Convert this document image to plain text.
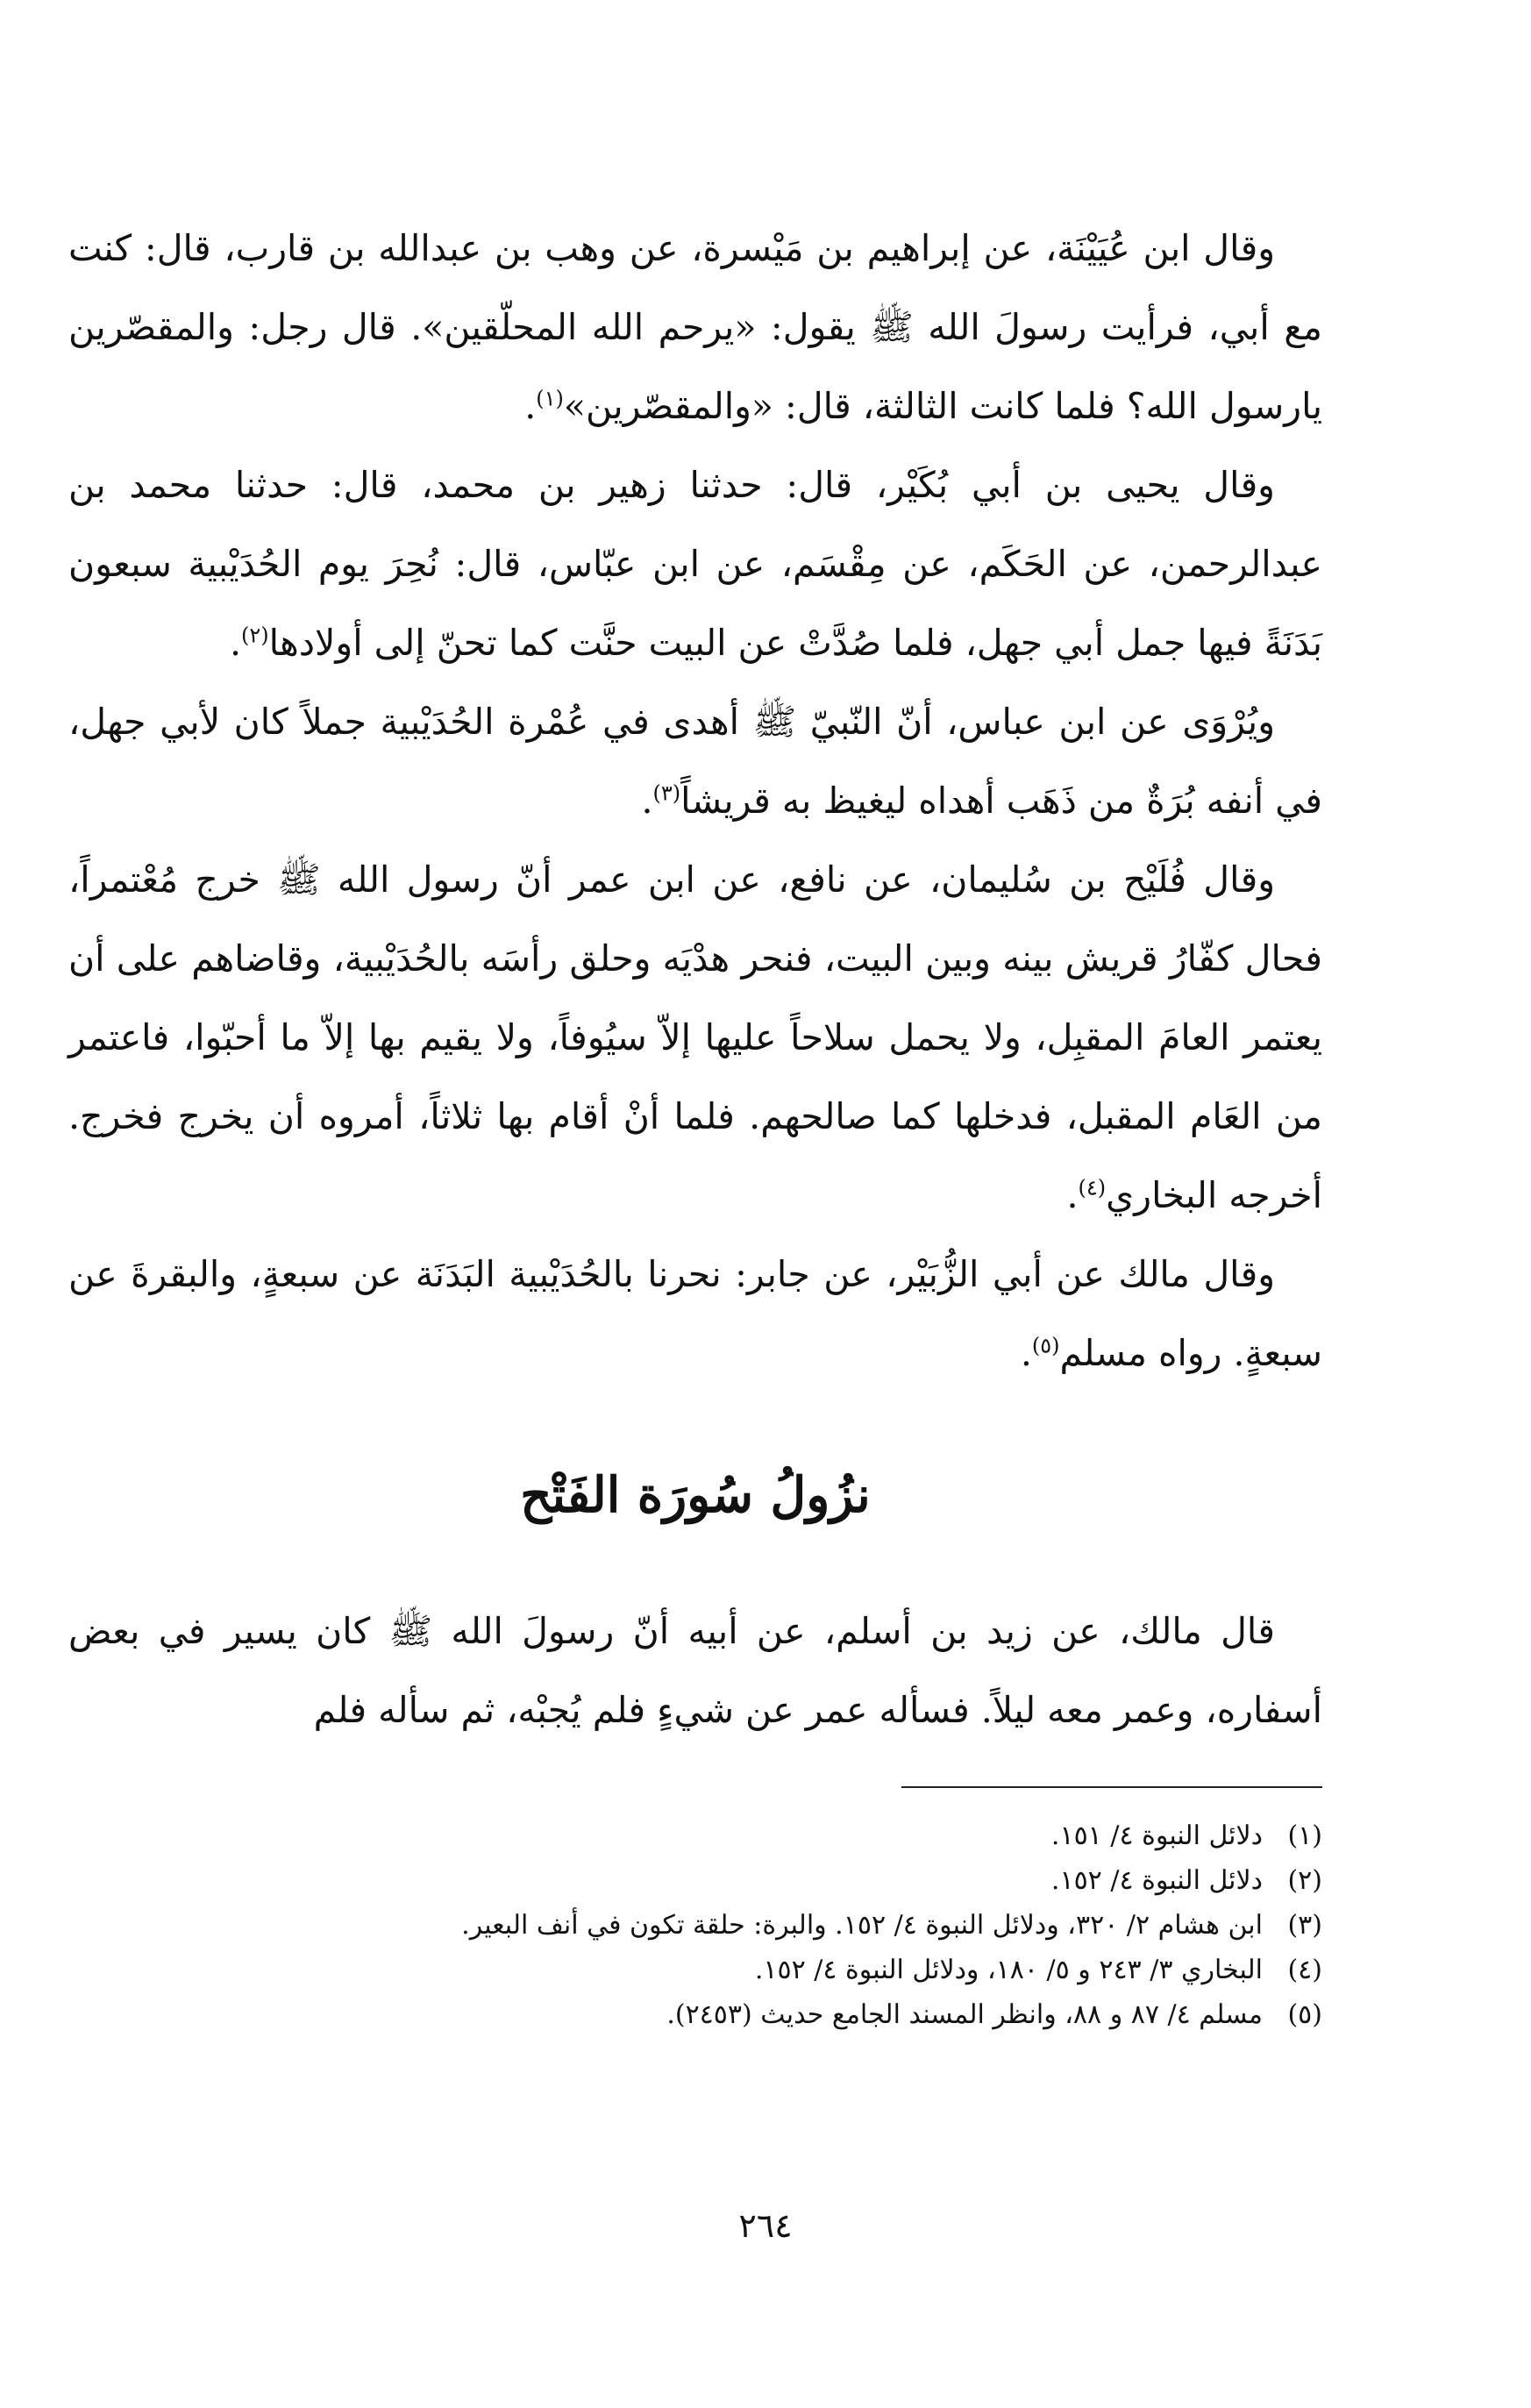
وقال ابن عُيَيْنَة، عن إبراهيم بن مَيْسرة، عن وهب بن عبدالله بن قارب، قال: كنت مع أبي، فرأيت رسولَ الله ﷺ يقول: «يرحم الله المحلّقين». قال رجل: والمقصّرين يارسول الله؟ فلما كانت الثالثة، قال: «والمقصّرين»$^{(١)}$.

وقال يحيى بن أبي بُكَيْر، قال: حدثنا زهير بن محمد، قال: حدثنا محمد بن عبدالرحمن، عن الحَكَم، عن مِقْسَم، عن ابن عبّاس، قال: نُحِرَ يوم الحُدَيْبية سبعون بَدَنَةً فيها جمل أبي جهل، فلما صُدَّتْ عن البيت حنَّت كما تحنّ إلى أولادها$^{(٢)}$.

ويُرْوَى عن ابن عباس، أنّ النّبيّ ﷺ أهدى في عُمْرة الحُدَيْبية جملاً كان لأبي جهل، في أنفه بُرَةٌ من ذَهَب أهداه ليغيظ به قريشاً$^{(٣)}$.

وقال فُلَيْح بن سُليمان، عن نافع، عن ابن عمر أنّ رسول الله ﷺ خرج مُعْتمراً، فحال كفّارُ قريش بينه وبين البيت، فنحر هدْيَه وحلق رأسَه بالحُدَيْبية، وقاضاهم على أن يعتمر العامَ المقبِل، ولا يحمل سلاحاً عليها إلاّ سيُوفاً، ولا يقيم بها إلاّ ما أحبّوا، فاعتمر من العَام المقبل، فدخلها كما صالحهم. فلما أنْ أقام بها ثلاثاً، أمروه أن يخرج فخرج. أخرجه البخاري$^{(٤)}$.

وقال مالك عن أبي الزُّبَيْر، عن جابر: نحرنا بالحُدَيْبية البَدَنَة عن سبعةٍ، والبقرةَ عن سبعةٍ. رواه مسلم$^{(٥)}$.

نزُولُ سُورَة الفَتْح

قال مالك، عن زيد بن أسلم، عن أبيه أنّ رسولَ الله ﷺ كان يسير في بعض أسفاره، وعمر معه ليلاً. فسأله عمر عن شيءٍ فلم يُجبْه، ثم سأله فلم

(١)
دلائل النبوة ٤/ ١٥١.
(٢)
دلائل النبوة ٤/ ١٥٢.
(٣)
ابن هشام ٢/ ٣٢٠، ودلائل النبوة ٤/ ١٥٢. والبرة: حلقة تكون في أنف البعير.
(٤)
البخاري ٣/ ٢٤٣ و ٥/ ١٨٠، ودلائل النبوة ٤/ ١٥٢.
(٥)
مسلم ٤/ ٨٧ و ٨٨، وانظر المسند الجامع حديث (٢٤٥٣).
٢٦٤
